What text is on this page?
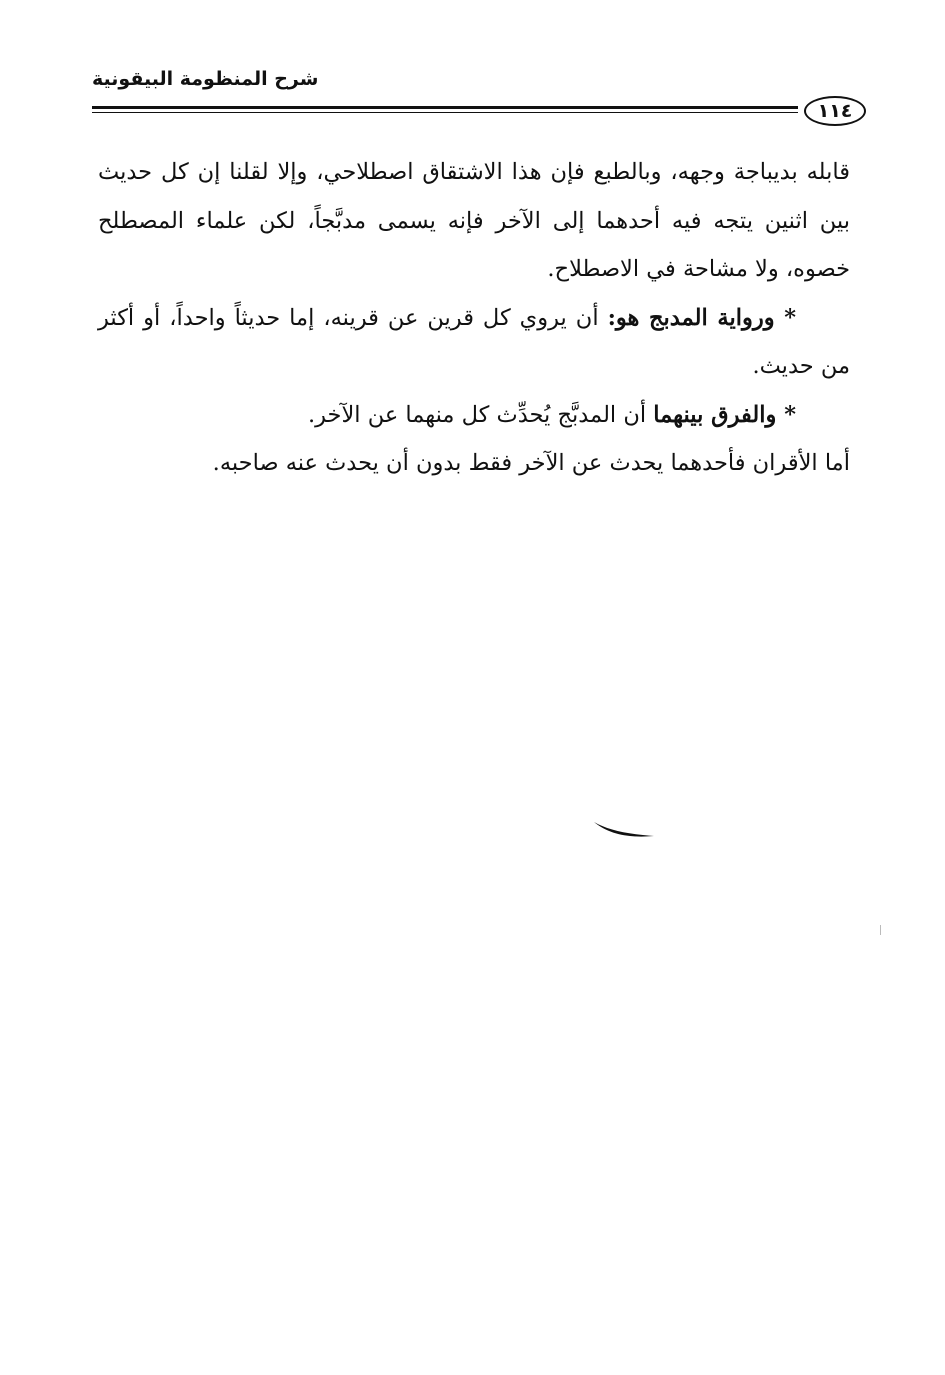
شرح المنظومة البيقونية
١١٤

قابله بديباجة وجهه، وبالطبع فإن هذا الاشتقاق اصطلاحي، وإلا لقلنا إن كل حديث بين اثنين يتجه فيه أحدهما إلى الآخر فإنه يسمى مدبَّجاً، لكن علماء المصطلح خصوه، ولا مشاحة في الاصطلاح.

* ورواية المدبج هو: أن يروي كل قرين عن قرينه، إما حديثاً واحداً، أو أكثر من حديث.

* والفرق بينهما أن المدبَّج يُحدِّث كل منهما عن الآخر.

أما الأقران فأحدهما يحدث عن الآخر فقط بدون أن يحدث عنه صاحبه.
